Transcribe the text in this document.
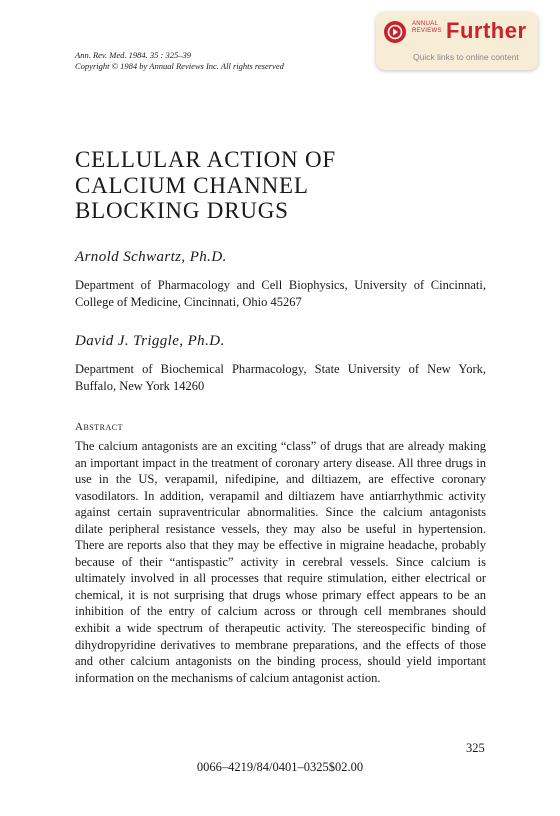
Ann. Rev. Med. 1984. 35 : 325–39
Copyright © 1984 by Annual Reviews Inc. All rights reserved
ANNUAL
REVIEWS Further
Quick links to online content
CELLULAR ACTION OF
CALCIUM CHANNEL
BLOCKING DRUGS
Arnold Schwartz, Ph.D.
Department of Pharmacology and Cell Biophysics, University of Cincinnati, College of Medicine, Cincinnati, Ohio 45267
David J. Triggle, Ph.D.
Department of Biochemical Pharmacology, State University of New York, Buffalo, New York 14260
Abstract

The calcium antagonists are an exciting “class” of drugs that are already making an important impact in the treatment of coronary artery disease. All three drugs in use in the US, verapamil, nifedipine, and diltiazem, are effective coronary vasodilators. In addition, verapamil and diltiazem have antiarrhythmic activity against certain supraventricular abnormalities. Since the calcium antagonists dilate peripheral resistance vessels, they may also be useful in hypertension. There are reports also that they may be effective in migraine headache, probably because of their “antispastic” activity in cerebral vessels. Since calcium is ultimately involved in all processes that require stimulation, either electrical or chemical, it is not surprising that drugs whose primary effect appears to be an inhibition of the entry of calcium across or through cell membranes should exhibit a wide spectrum of therapeutic activity. The stereospecific binding of dihydropyridine derivatives to membrane preparations, and the effects of those and other calcium antagonists on the binding process, should yield important information on the mechanisms of calcium antagonist action.

325
0066–4219/84/0401–0325$02.00
